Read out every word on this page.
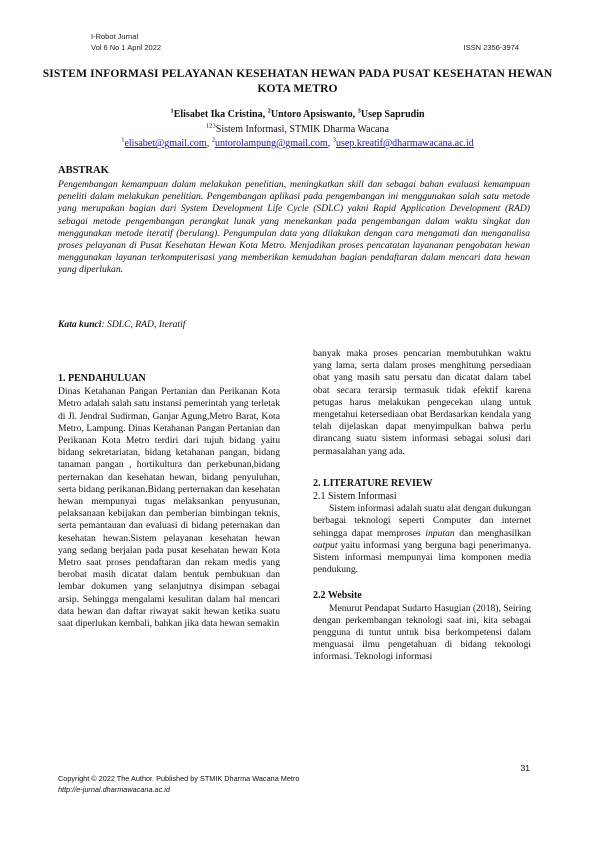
I-Robot Jurnal
Vol 6 No 1 April 2022	ISSN 2356-3974
SISTEM INFORMASI PELAYANAN KESEHATAN HEWAN PADA PUSAT KESEHATAN HEWAN KOTA METRO
$^1$Elisabet Ika Cristina, $^2$Untoro Apsiswanto, $^3$Usep Saprudin
$^{123}$Sistem Informasi, STMIK Dharma Wacana
$^1$elisabet@gmail.com, $^2$untorolampung@gmail.com, $^3$usep.kreatif@dharmawacana.ac.id
ABSTRAK
Pengembangan kemampuan dalam melakukan penelitian, meningkatkan skill dan sebagai bahan evaluasi kemampuan peneliti dalam melakukan penelitian. Pengembangan aplikasi pada pengembangan ini menggunakan salah satu metode yang merupakan bagian dari System Development Life Cycle (SDLC) yakni Rapid Application Development (RAD) sebagai metode pengembangan perangkat lunak yang menekankan pada pengembangan dalam waktu singkat dan menggunakan metode iteratif (berulang). Pengumpulan data yang dilakukan dengan cara mengamati dan menganalisa proses pelayanan di Pusat Kesehatan Hewan Kota Metro. Menjadikan proses pencatatan layananan pengobatan hewan menggunakan layanan terkomputerisasi yang memberikan kemudahan bagian pendaftaran dalam mencari data hewan yang diperlukan.
Kata kunci: SDLC, RAD, Iteratif
1. PENDAHULUAN

Dinas Ketahanan Pangan Pertanian dan Perikanan Kota Metro adalah salah satu instansi pemerintah yang terletak di Jl. Jendral Sudirman, Ganjar Agung,Metro Barat, Kota Metro, Lampung. Dinas Ketahanan Pangan Pertanian dan Perikanan Kota Metro terdiri dari tujuh bidang yaitu bidang sekretariatan, bidang ketahanan pangan, bidang tanaman pangan , hortikultura dan perkebunan,bidang perternakan dan kesehatan hewan, bidang penyuluhan, serta bidang perikanan.Bidang perternakan dan kesehatan hewan mempunyai tugas melaksankan penyusunan, pelaksanaan kebijakan dan pemberian bimbingan teknis, serta pemantauan dan evaluasi di bidang peternakan dan kesehatan hewan.Sistem pelayanan kesehatan hewan yang sedang berjalan pada pusat kesehatan hewan Kota Metro saat proses pendaftaran dan rekam medis yang berobat masih dicatat dalam bentuk pembukuan dan lembar dokumen yang selanjutnya disimpan sebagai arsip. Sehingga mengalami kesulitan dalam hal mencari data hewan dan daftar riwayat sakit hewan ketika suatu saat diperlukan kembali, bahkan jika data hewan semakin

banyak maka proses pencarian membutuhkan waktu yang lama, serta dalam proses menghitung persediaan obat yang masih satu persatu dan dicatat dalam tabel obat secara terarsip termasuk tidak efektif karena petugas harus melakukan pengecekan ulang untuk mengetahui ketersediaan obat Berdasarkan kendala yang telah dijelaskan dapat menyimpulkan bahwa perlu dirancang suatu sistem informasi sebagai solusi dari permasalahan yang ada.

2. LITERATURE REVIEW
2.1 Sistem Informasi

Sistem informasi adalah suatu alat dengan dukungan berbagai teknologi seperti Computer dan internet sehingga dapat memproses inputan dan menghasilkan output yaitu informasi yang berguna bagi penerimanya. Sistem informasi mempunyai lima komponen media pendukung.

2.2 Website

Menurut Pendapat Sudarto Hasugian (2018), Seiring dengan perkembangan teknologi saat ini, kita sebagai pengguna di tuntut untuk bisa berkompetensi dalam menguasai ilmu pengetahuan di bidang teknologi informasi. Teknologi informasi

31
Copyright © 2022 The Author. Published by STMIK Dharma Wacana Metro
http://e-jurnal.dharmawacana.ac.id
